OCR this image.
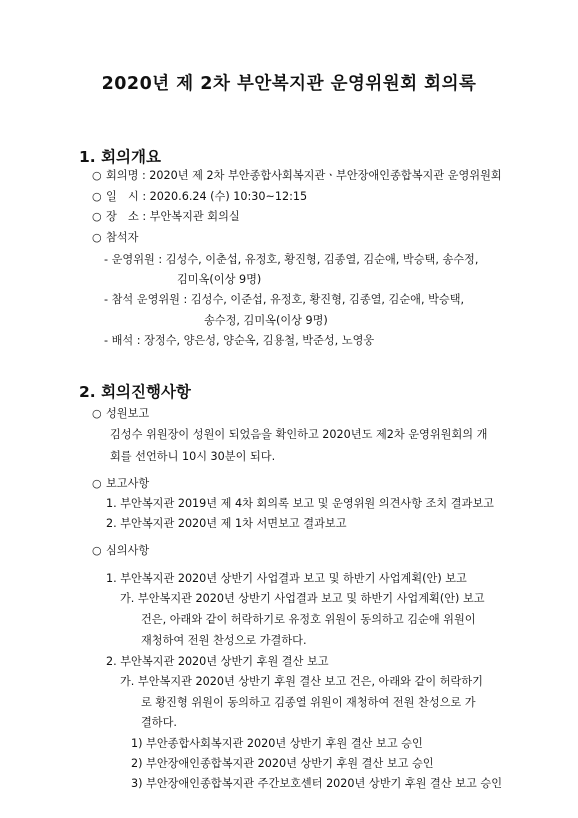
2020년 제 2차 부안복지관 운영위원회 회의록
1. 회의개요
○ 회의명 : 2020년 제 2차 부안종합사회복지관ㆍ부안장애인종합복지관 운영위원회
○ 일　시 : 2020.6.24 (수) 10:30~12:15
○ 장　소 : 부안복지관 회의실
○ 참석자
- 운영위원 : 김성수, 이춘섭, 유정호, 황진형, 김종열, 김순애, 박승택, 송수정,
김미옥(이상 9명)
- 참석 운영위원 : 김성수, 이준섭, 유정호, 황진형, 김종열, 김순애, 박승택,
송수정, 김미옥(이상 9명)
- 배석 : 장정수, 양은성, 양순옥, 김용철, 박준성, 노영웅
2. 회의진행사항
○ 성원보고
김성수 위원장이 성원이 되었음을 확인하고 2020년도 제2차 운영위원회의 개
회를 선언하니 10시 30분이 되다.
○ 보고사항
1. 부안복지관 2019년 제 4차 회의록 보고 및 운영위원 의견사항 조치 결과보고
2. 부안복지관 2020년 제 1차 서면보고 결과보고
○ 심의사항
1. 부안복지관 2020년 상반기 사업결과 보고 및 하반기 사업계획(안) 보고
가. 부안복지관 2020년 상반기 사업결과 보고 및 하반기 사업계획(안) 보고
건은, 아래와 같이 허락하기로 유정호 위원이 동의하고 김순애 위원이
재청하여 전원 찬성으로 가결하다.
2. 부안복지관 2020년 상반기 후원 결산 보고
가. 부안복지관 2020년 상반기 후원 결산 보고 건은, 아래와 같이 허락하기
로 황진형 위원이 동의하고 김종열 위원이 재청하여 전원 찬성으로 가
결하다.
1) 부안종합사회복지관 2020년 상반기 후원 결산 보고 승인
2) 부안장애인종합복지관 2020년 상반기 후원 결산 보고 승인
3) 부안장애인종합복지관 주간보호센터 2020년 상반기 후원 결산 보고 승인
